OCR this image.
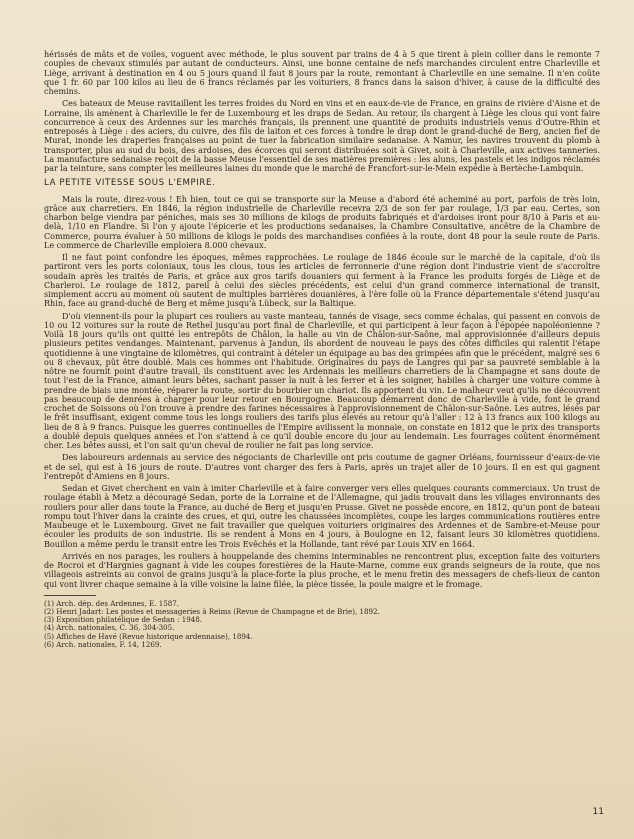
hérissés de mâts et de voiles, voguent avec méthode, le plus souvent par trains de 4 à 5 que tirent à plein collier dans le remonte 7 couples de chevaux stimulés par autant de conducteurs. Ainsi, une bonne centaine de nefs marchandes circulent entre Charleville et Liège, arrivant à destination en 4 ou 5 jours quand il faut 8 jours par la route, remontant à Charleville en une semaine. Il n'en coûte que 1 fr. 60 par 100 kilos au lieu de 6 francs réclamés par les voituriers, 8 francs dans la saison d'hiver, à cause de la difficulté des chemins.

Ces bateaux de Meuse ravitaillent les terres froides du Nord en vins et en eaux-de-vie de France, en grains de rivière d'Aisne et de Lorraine, ils amènent à Charleville le fer de Luxembourg et les draps de Sedan. Au retour, ils chargent à Liège les clous qui vont faire concurrence à ceux des Ardennes sur les marchés français, ils prennent une quantité de produits industriels venus d'Outre-Rhin et entreposés à Liège : des aciers, du cuivre, des fils de laiton et ces forces à tondre le drap dont le grand-duché de Berg, ancien fief de Murat, inonde les draperies françaises au point de tuer la fabrication similaire sedanaise. A Namur, les navires trouvent du plomb à transporter, plus au sud du bois, des ardoises, des écorces qui seront distribuées soit à Givet, soit à Charleville, aux actives tanneries. La manufacture sedanaise reçoit de la basse Meuse l'essentiel de ses matières premières : les aluns, les pastels et les indigos réclamés par la teinture, sans compter les meilleures laines du monde que le marché de Francfort-sur-le-Mein expédie à Bertèche-Lambquin.

LA PETITE VITESSE SOUS L'EMPIRE.

Mais la route, direz-vous ! Eh bien, tout ce qui se transporte sur la Meuse a d'abord été acheminé au port, parfois de très loin, grâce aux charretiers. En 1846, la région industrielle de Charleville recevra 2/3 de son fer par roulage, 1/3 par eau. Certes, son charbon belge viendra par péniches, mais ses 30 millions de kilogs de produits fabriqués et d'ardoises iront pour 8/10 à Paris et au-delà, 1/10 en Flandre. Si l'on y ajoute l'épicerie et les productions sedanaises, la Chambre Consultative, ancêtre de la Chambre de Commerce, pourra évaluer à 50 millions de kilogs le poids des marchandises confiées à la route, dont 48 pour la seule route de Paris. Le commerce de Charleville emploiera 8.000 chevaux.

Il ne faut point confondre les époques, mêmes rapprochées. Le roulage de 1846 écoule sur le marché de la capitale, d'où ils partiront vers les ports coloniaux, tous les clous, tous les articles de ferronnerie d'une région dont l'industrie vient de s'accroître soudain après les traités de Paris, et grâce aux gros tarifs douaniers qui ferment à la France les produits forgés de Liège et de Charleroi. Le roulage de 1812, pareil à celui des siècles précédents, est celui d'un grand commerce international de transit, simplement accru au moment où sautent de multiples barrières douanières, à l'ère folle où la France départementale s'étend jusqu'au Rhin, face au grand-duché de Berg et même jusqu'à Lübeck, sur la Baltique.

D'où viennent-ils pour la plupart ces rouliers au vaste manteau, tannés de visage, secs comme échalas, qui passent en convois de 10 ou 12 voitures sur la route de Rethel jusqu'au port final de Charleville, et qui participent à leur façon à l'épopée napoléonienne ? Voilà 18 jours qu'ils ont quitté les entrepôts de Châlon, la halle au vin de Châlon-sur-Saône, mal approvisionnée d'ailleurs depuis plusieurs petites vendanges. Maintenant, parvenus à Jandun, ils abordent de nouveau le pays des côtes difficiles qui ralentit l'étape quotidienne à une vingtaine de kilomètres, qui contraint à dételer un équipage au bas des grimpées afin que le précédent, malgré ses 6 ou 8 chevaux, pût être doublé. Mais ces hommes ont l'habitude. Originaires du pays de Langres qui par sa pauvreté semblable à la nôtre ne fournit point d'autre travail, ils constituent avec les Ardennais les meilleurs charretiers de la Champagne et sans doute de tout l'est de la France, aimant leurs bêtes, sachant passer la nuit à les ferrer et à les soigner, habiles à charger une voiture comme à prendre de biais une montée, réparer la route, sortir du bourbier un chariot. Ils apportent du vin. Le malheur veut qu'ils ne découvrent pas beaucoup de denrées à charger pour leur retour en Bourgogne. Beaucoup démarrent donc de Charleville à vide, font le grand crochet de Soissons où l'on trouve à prendre des farines nécessaires à l'approvisionnement de Châlon-sur-Saône. Les autres, lésés par le frêt insuffisant, exigent comme tous les longs rouliers des tarifs plus élevés au retour qu'à l'aller : 12 à 13 francs aux 100 kilogs au lieu de 8 à 9 francs. Puisque les guerres continuelles de l'Empire avilissent la monnaie, on constate en 1812 que le prix des transports a doublé depuis quelques années et l'on s'attend à ce qu'il double encore du jour au lendemain. Les fourrages coûtent énormément cher. Les bêtes aussi, et l'on sait qu'un cheval de roulier ne fait pas long service.

Des laboureurs ardennais au service des négociants de Charleville ont pris coutume de gagner Orléans, fournisseur d'eaux-de-vie et de sel, qui est à 16 jours de route. D'autres vont charger des fers à Paris, après un trajet aller de 10 jours. Il en est qui gagnent l'entrepôt d'Amiens en 8 jours.

Sedan et Givet cherchent en vain à imiter Charleville et à faire converger vers elles quelques courants commerciaux. Un trust de roulage établi à Metz a découragé Sedan, porte de la Lorraine et de l'Allemagne, qui jadis trouvait dans les villages environnants des rouliers pour aller dans toute la France, au duché de Berg et jusqu'en Prusse. Givet ne possède encore, en 1812, qu'un pont de bateau rompu tout l'hiver dans la crainte des crues, et qui, outre les chaussées incomplètes, coupe les larges communications routières entre Maubeuge et le Luxembourg. Givet ne fait travailler que quelques voituriers originaires des Ardennes et de Sambre-et-Meuse pour écouler les produits de son industrie. Ils se rendent à Mons en 4 jours, à Boulogne en 12, faisant leurs 30 kilomètres quotidiens. Bouillon a même perdu le transit entre les Trois Evêchés et la Hollande, tant révé par Louis XIV en 1664.

Arrivés en nos parages, les rouliers à houppelande des chemins interminables ne rencontrent plus, exception faite des voituriers de Rocroi et d'Hargnies gagnant à vide les coupes forestières de la Haute-Marne, comme eux grands seigneurs de la route, que nos villageois astreints au convoi de grains jusqu'à la place-forte la plus proche, et le menu fretin des messagers de chefs-lieux de canton qui vont livrer chaque semaine à la ville voisine la laine filée, la pièce tissée, la poule maigre et le fromage.

(1) Arch. dép. des Ardennes, E. 1587.
(2) Henri Jadart: Les postes et messageries à Reims (Revue de Champagne et de Brie), 1892.
(3) Exposition philatélique de Sedan : 1948.
(4) Arch. nationales, C. 36, 304-305.
(5) Affiches de Havé (Revue historique ardennaise), 1894.
(6) Arch. nationales, F. 14, 1269.
11
